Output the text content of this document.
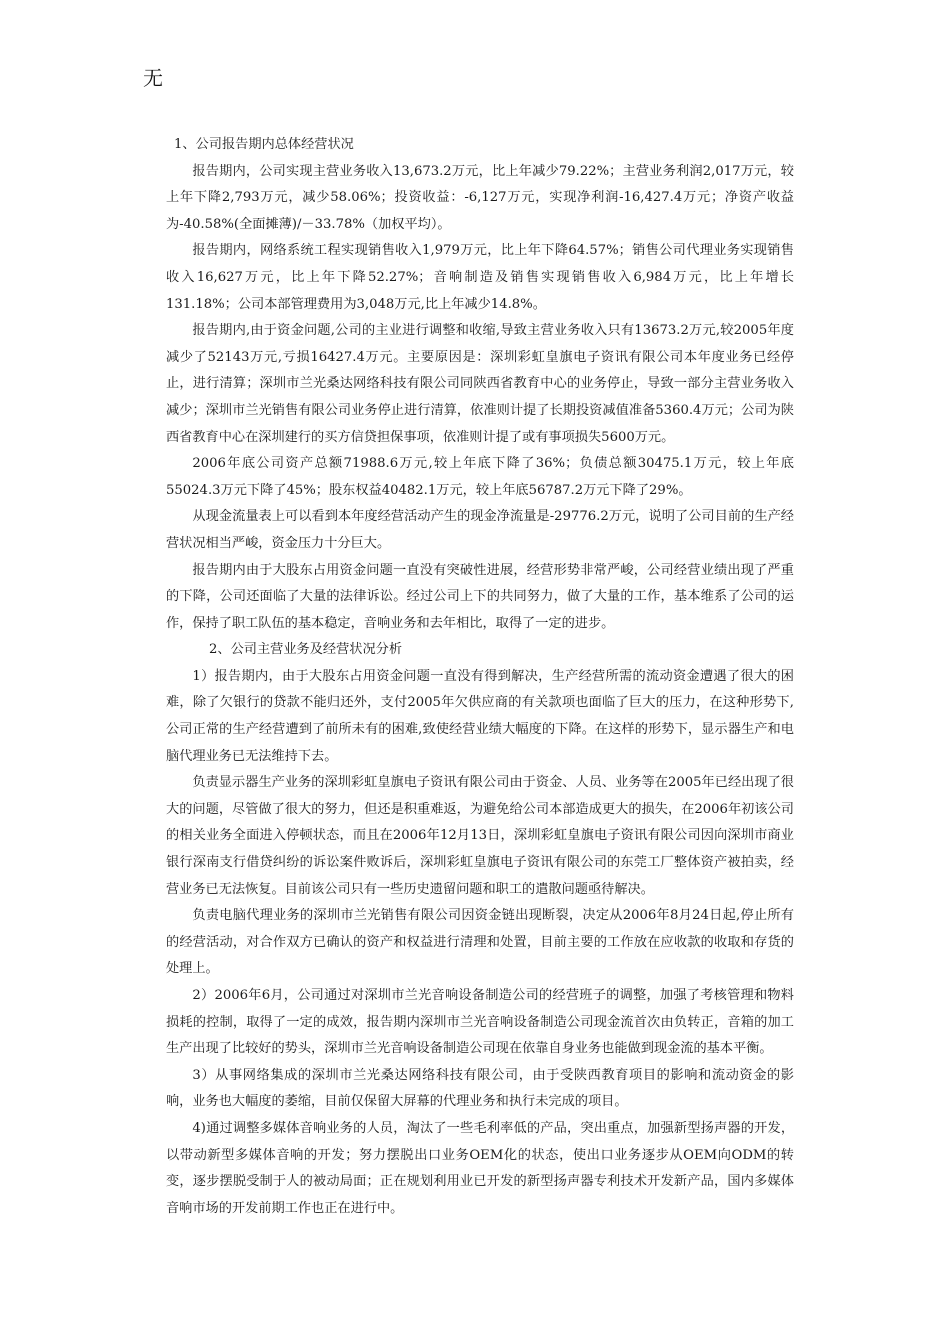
无

1、公司报告期内总体经营状况

报告期内，公司实现主营业务收入13,673.2万元，比上年减少79.22%；主营业务利润2,017万元，较上年下降2,793万元，减少58.06%；投资收益：-6,127万元，实现净利润-16,427.4万元；净资产收益为-40.58%(全面摊薄)/－33.78%（加权平均）。

报告期内，网络系统工程实现销售收入1,979万元，比上年下降64.57%；销售公司代理业务实现销售收入16,627万元，比上年下降52.27%；音响制造及销售实现销售收入6,984万元，比上年增长131.18%；公司本部管理费用为3,048万元,比上年减少14.8%。

报告期内,由于资金问题,公司的主业进行调整和收缩,导致主营业务收入只有13673.2万元,较2005年度减少了52143万元,亏损16427.4万元。主要原因是：深圳彩虹皇旗电子资讯有限公司本年度业务已经停止，进行清算；深圳市兰光桑达网络科技有限公司同陕西省教育中心的业务停止，导致一部分主营业务收入减少；深圳市兰光销售有限公司业务停止进行清算，依准则计提了长期投资减值准备5360.4万元；公司为陕西省教育中心在深圳建行的买方信贷担保事项，依准则计提了或有事项损失5600万元。

2006年底公司资产总额71988.6万元,较上年底下降了36%；负债总额30475.1万元，较上年底55024.3万元下降了45%；股东权益40482.1万元，较上年底56787.2万元下降了29%。

从现金流量表上可以看到本年度经营活动产生的现金净流量是-29776.2万元，说明了公司目前的生产经营状况相当严峻，资金压力十分巨大。

报告期内由于大股东占用资金问题一直没有突破性进展，经营形势非常严峻，公司经营业绩出现了严重的下降，公司还面临了大量的法律诉讼。经过公司上下的共同努力，做了大量的工作，基本维系了公司的运作，保持了职工队伍的基本稳定，音响业务和去年相比，取得了一定的进步。

2、公司主营业务及经营状况分析

1）报告期内，由于大股东占用资金问题一直没有得到解决，生产经营所需的流动资金遭遇了很大的困难，除了欠银行的贷款不能归还外，支付2005年欠供应商的有关款项也面临了巨大的压力，在这种形势下,公司正常的生产经营遭到了前所未有的困难,致使经营业绩大幅度的下降。在这样的形势下，显示器生产和电脑代理业务已无法维持下去。

负责显示器生产业务的深圳彩虹皇旗电子资讯有限公司由于资金、人员、业务等在2005年已经出现了很大的问题，尽管做了很大的努力，但还是积重难返，为避免给公司本部造成更大的损失，在2006年初该公司的相关业务全面进入停顿状态，而且在2006年12月13日，深圳彩虹皇旗电子资讯有限公司因向深圳市商业银行深南支行借贷纠纷的诉讼案件败诉后，深圳彩虹皇旗电子资讯有限公司的东莞工厂整体资产被拍卖，经营业务已无法恢复。目前该公司只有一些历史遗留问题和职工的遣散问题亟待解决。

负责电脑代理业务的深圳市兰光销售有限公司因资金链出现断裂，决定从2006年8月24日起,停止所有的经营活动，对合作双方已确认的资产和权益进行清理和处置，目前主要的工作放在应收款的收取和存货的处理上。

2）2006年6月，公司通过对深圳市兰光音响设备制造公司的经营班子的调整，加强了考核管理和物料损耗的控制，取得了一定的成效，报告期内深圳市兰光音响设备制造公司现金流首次由负转正，音箱的加工生产出现了比较好的势头，深圳市兰光音响设备制造公司现在依靠自身业务也能做到现金流的基本平衡。

3）从事网络集成的深圳市兰光桑达网络科技有限公司，由于受陕西教育项目的影响和流动资金的影响，业务也大幅度的萎缩，目前仅保留大屏幕的代理业务和执行未完成的项目。

4)通过调整多媒体音响业务的人员，淘汰了一些毛利率低的产品，突出重点，加强新型扬声器的开发，以带动新型多媒体音响的开发；努力摆脱出口业务OEM化的状态，使出口业务逐步从OEM向ODM的转变，逐步摆脱受制于人的被动局面；正在规划利用业已开发的新型扬声器专利技术开发新产品，国内多媒体音响市场的开发前期工作也正在进行中。
